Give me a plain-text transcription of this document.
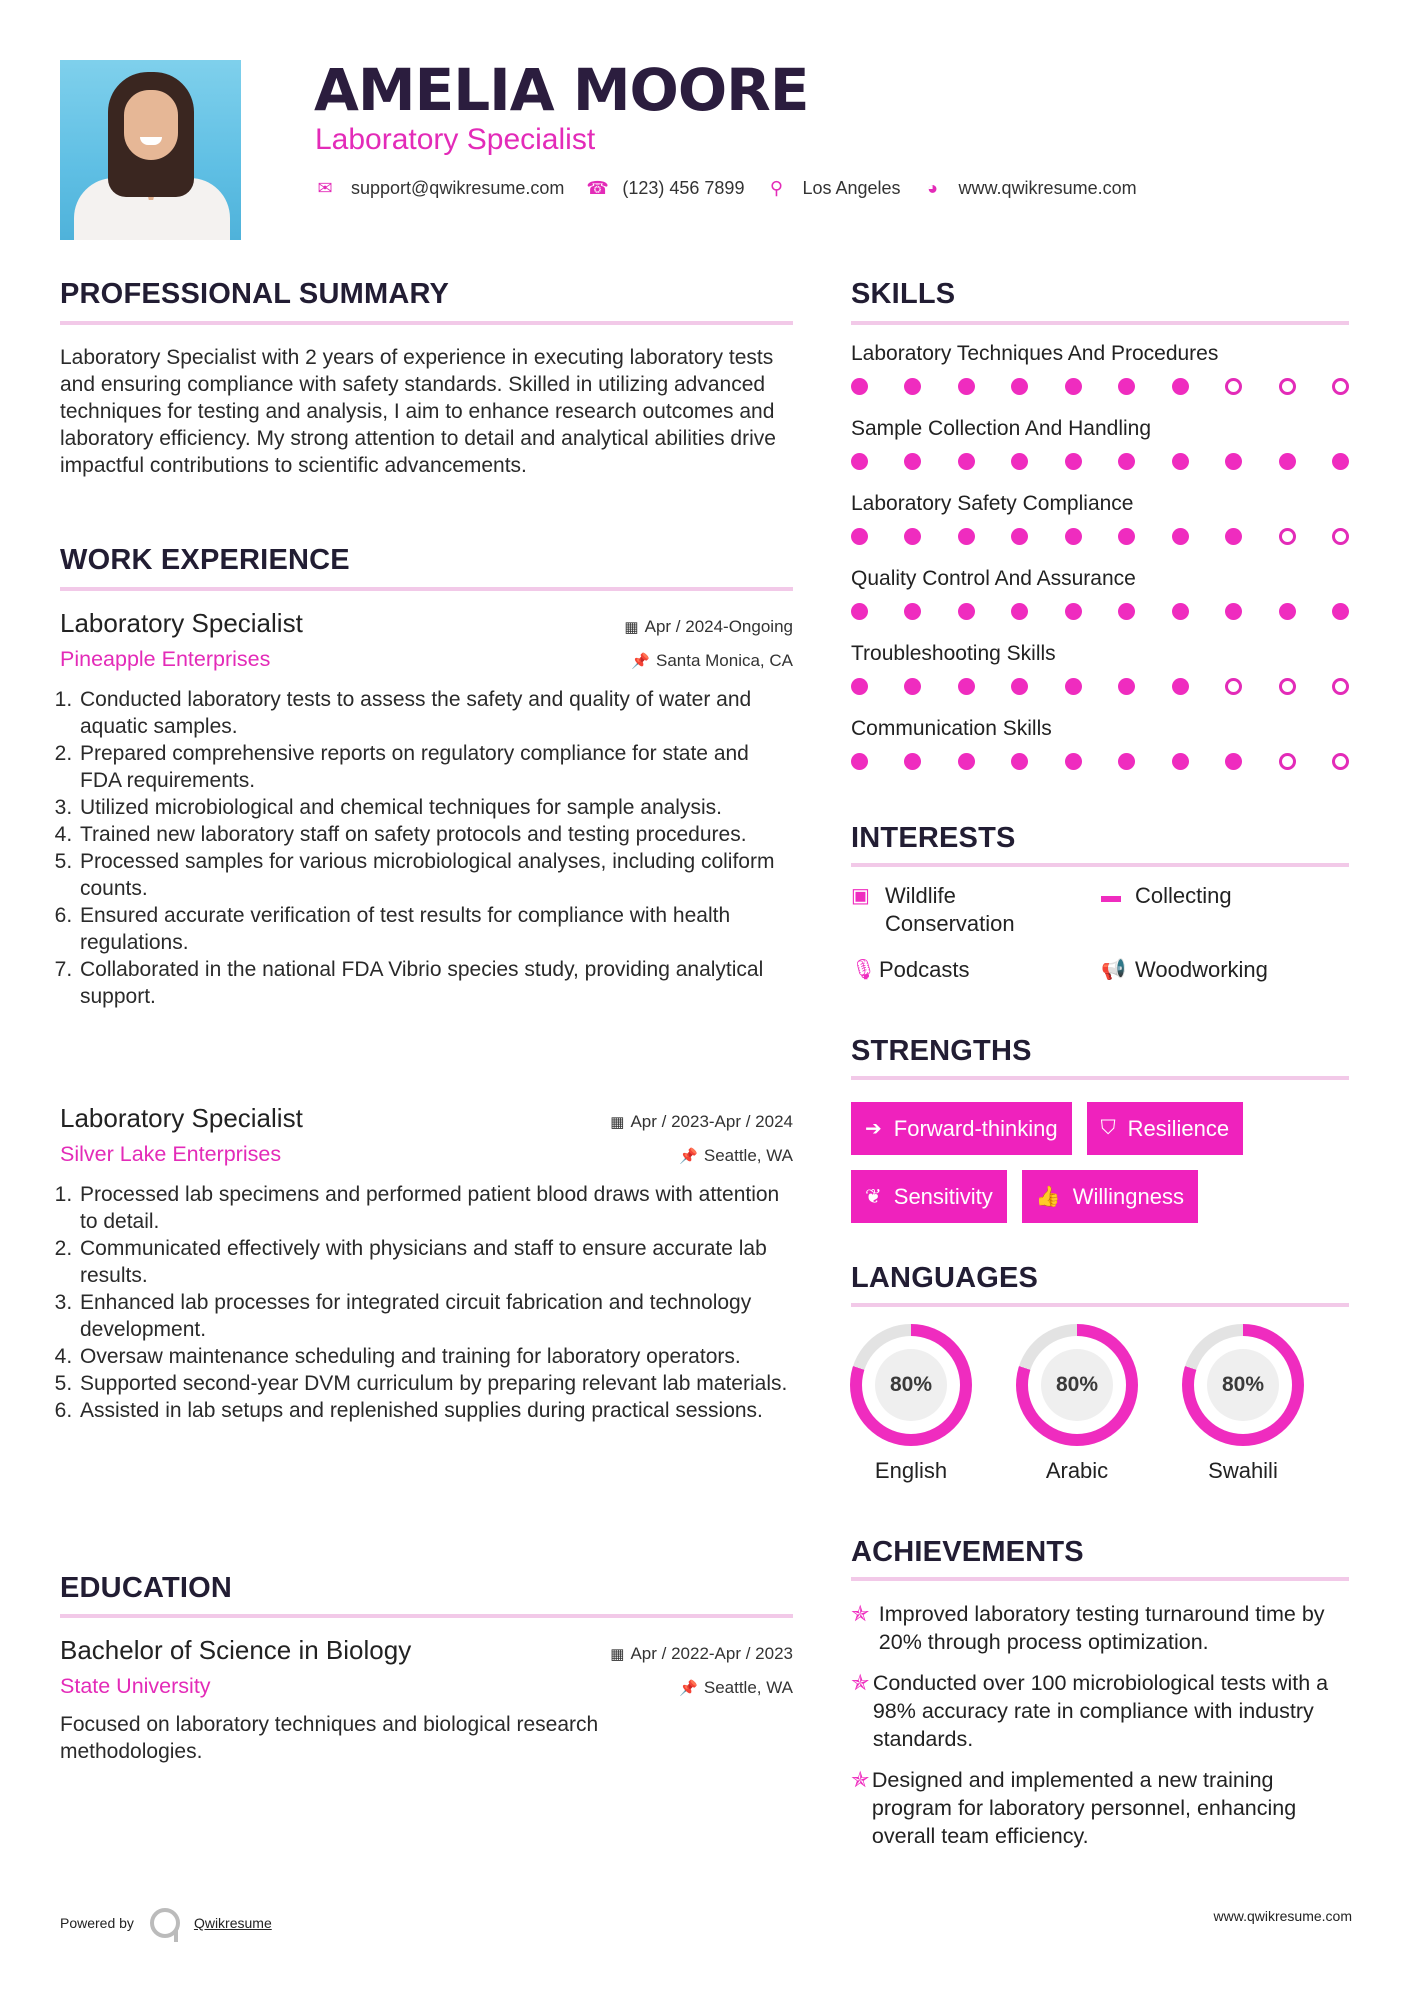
AMELIA MOORE
Laboratory Specialist
✉ support@qwikresume.com ☎ (123) 456 7899 ⚲ Los Angeles ◕ www.qwikresume.com
PROFESSIONAL SUMMARY
Laboratory Specialist with 2 years of experience in executing laboratory tests and ensuring compliance with safety standards. Skilled in utilizing advanced techniques for testing and analysis, I aim to enhance research outcomes and laboratory efficiency. My strong attention to detail and analytical abilities drive impactful contributions to scientific advancements.
WORK EXPERIENCE
Laboratory Specialist	▦ Apr / 2024-Ongoing
Pineapple Enterprises	📌 Santa Monica, CA
1. Conducted laboratory tests to assess the safety and quality of water and aquatic samples.
2. Prepared comprehensive reports on regulatory compliance for state and FDA requirements.
3. Utilized microbiological and chemical techniques for sample analysis.
4. Trained new laboratory staff on safety protocols and testing procedures.
5. Processed samples for various microbiological analyses, including coliform counts.
6. Ensured accurate verification of test results for compliance with health regulations.
7. Collaborated in the national FDA Vibrio species study, providing analytical support.
Laboratory Specialist	▦ Apr / 2023-Apr / 2024
Silver Lake Enterprises	📌 Seattle, WA
1. Processed lab specimens and performed patient blood draws with attention to detail.
2. Communicated effectively with physicians and staff to ensure accurate lab results.
3. Enhanced lab processes for integrated circuit fabrication and technology development.
4. Oversaw maintenance scheduling and training for laboratory operators.
5. Supported second-year DVM curriculum by preparing relevant lab materials.
6. Assisted in lab setups and replenished supplies during practical sessions.
EDUCATION
Bachelor of Science in Biology	▦ Apr / 2022-Apr / 2023
State University	📌 Seattle, WA
Focused on laboratory techniques and biological research methodologies.
SKILLS
Laboratory Techniques And Procedures
Sample Collection And Handling
Laboratory Safety Compliance
Quality Control And Assurance
Troubleshooting Skills
Communication Skills
INTERESTS
▣ Wildlife Conservation
▬ Collecting
🎙 Podcasts	📢 Woodworking
STRENGTHS
➔ Forward-thinking ⛉ Resilience
❦ Sensitivity 👍 Willingness
LANGUAGES
80%
English
80%
Arabic
80%
Swahili
ACHIEVEMENTS
✯ Improved laboratory testing turnaround time by 20% through process optimization.
✯ Conducted over 100 microbiological tests with a 98% accuracy rate in compliance with industry standards.
✯ Designed and implemented a new training program for laboratory personnel, enhancing overall team efficiency.
Powered by	Qwikresume	www.qwikresume.com
